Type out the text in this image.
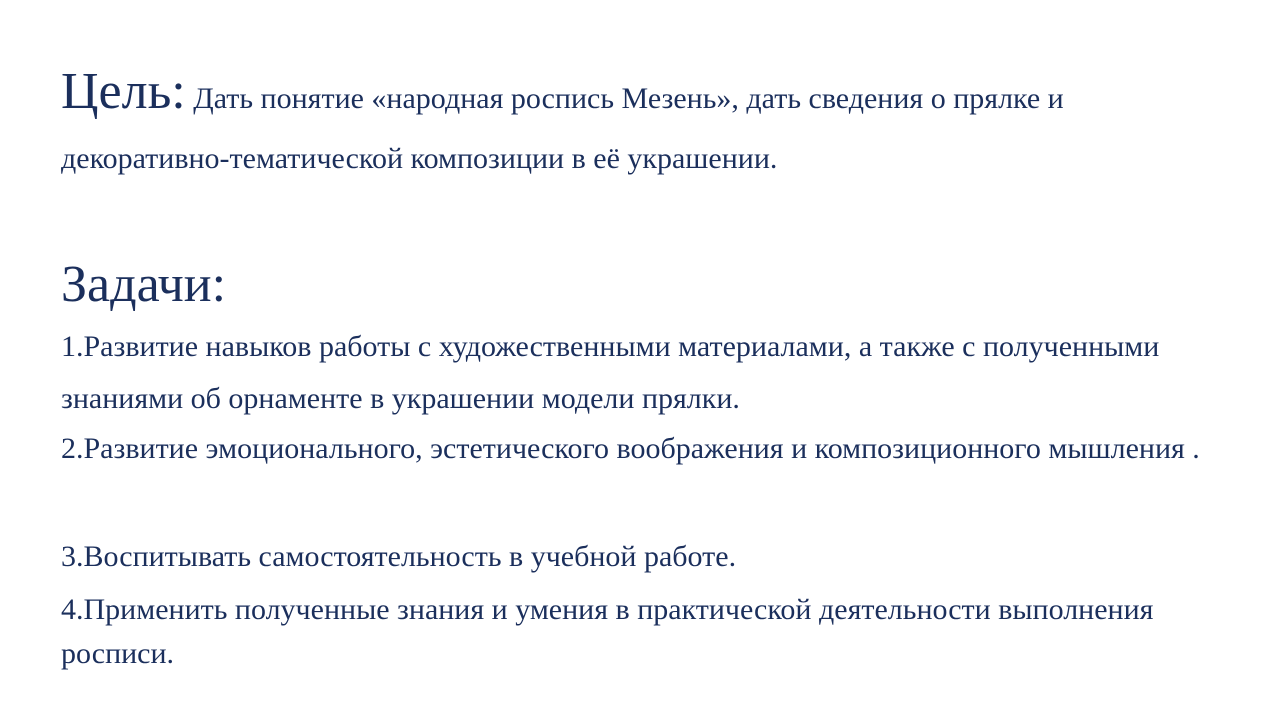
Цель: Дать понятие «народная роспись Мезень», дать сведения о прялке и декоративно-тематической композиции в её украшении.
Задачи:
1.Развитие навыков работы с художественными материалами, а также с полученными знаниями об орнаменте в украшении модели прялки.
2.Развитие эмоционального, эстетического воображения и композиционного мышления .
3.Воспитывать самостоятельность в учебной работе.
4.Применить полученные знания и умения в практической деятельности выполнения росписи.
